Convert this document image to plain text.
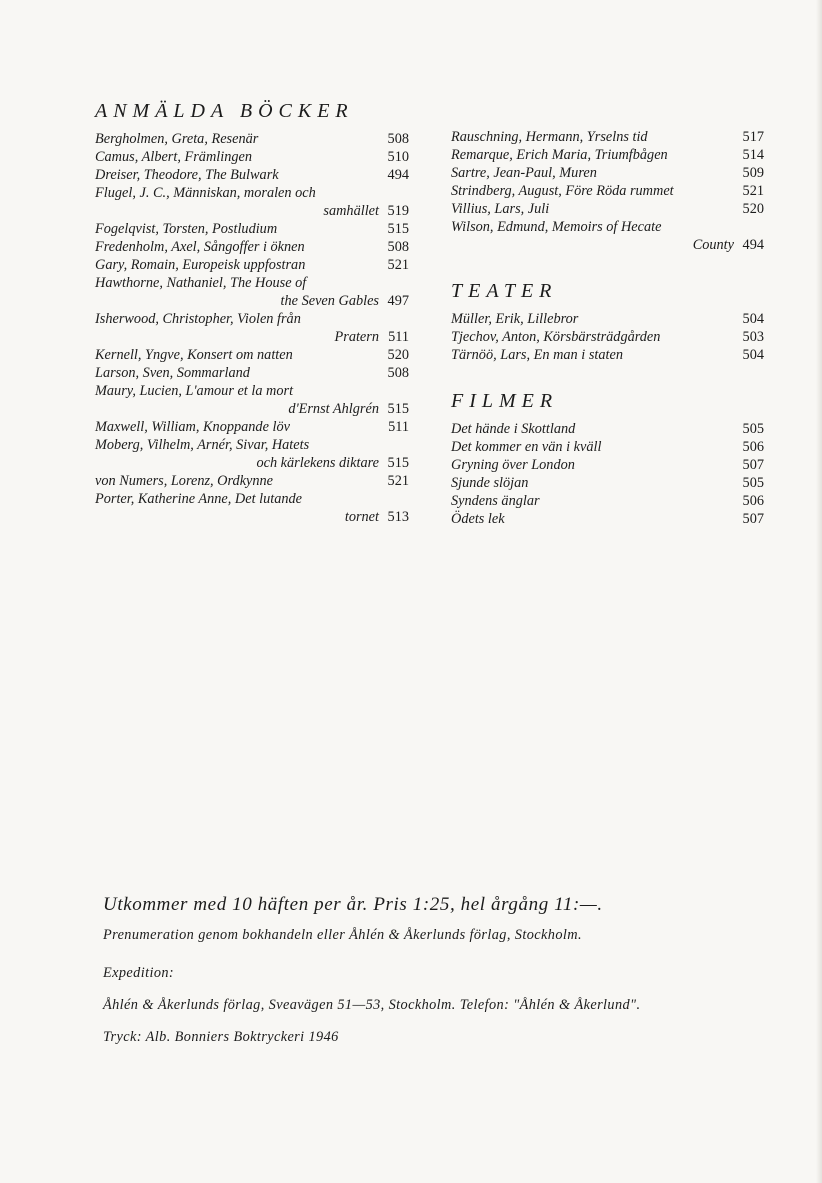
ANMÄLDA BÖCKER
Bergholmen, Greta, Resenär	508
Camus, Albert, Främlingen	510
Dreiser, Theodore, The Bulwark	494
Flugel, J. C., Människan, moralen och
samhället 519
Fogelqvist, Torsten, Postludium	515
Fredenholm, Axel, Sångoffer i öknen	508
Gary, Romain, Europeisk uppfostran	521
Hawthorne, Nathaniel, The House of
the Seven Gables 497
Isherwood, Christopher, Violen från
Pratern 511
Kernell, Yngve, Konsert om natten	520
Larson, Sven, Sommarland	508
Maury, Lucien, L'amour et la mort
d'Ernst Ahlgrén 515
Maxwell, William, Knoppande löv	511
Moberg, Vilhelm, Arnér, Sivar, Hatets
och kärlekens diktare 515
von Numers, Lorenz, Ordkynne	521
Porter, Katherine Anne, Det lutande
tornet 513
Rauschning, Hermann, Yrselns tid	517
Remarque, Erich Maria, Triumfbågen	514
Sartre, Jean-Paul, Muren	509
Strindberg, August, Före Röda rummet	521
Villius, Lars, Juli	520
Wilson, Edmund, Memoirs of Hecate
County 494
TEATER
Müller, Erik, Lillebror	504
Tjechov, Anton, Körsbärsträdgården	503
Tärnöö, Lars, En man i staten	504
FILMER
Det hände i Skottland	505
Det kommer en vän i kväll	506
Gryning över London	507
Sjunde slöjan	505
Syndens änglar	506
Ödets lek	507
Utkommer med 10 häften per år. Pris 1:25, hel årgång 11:—.
Prenumeration genom bokhandeln eller Åhlén & Åkerlunds förlag, Stockholm.
Expedition:
Åhlén & Åkerlunds förlag, Sveavägen 51—53, Stockholm. Telefon: "Åhlén & Åkerlund".
Tryck: Alb. Bonniers Boktryckeri 1946
